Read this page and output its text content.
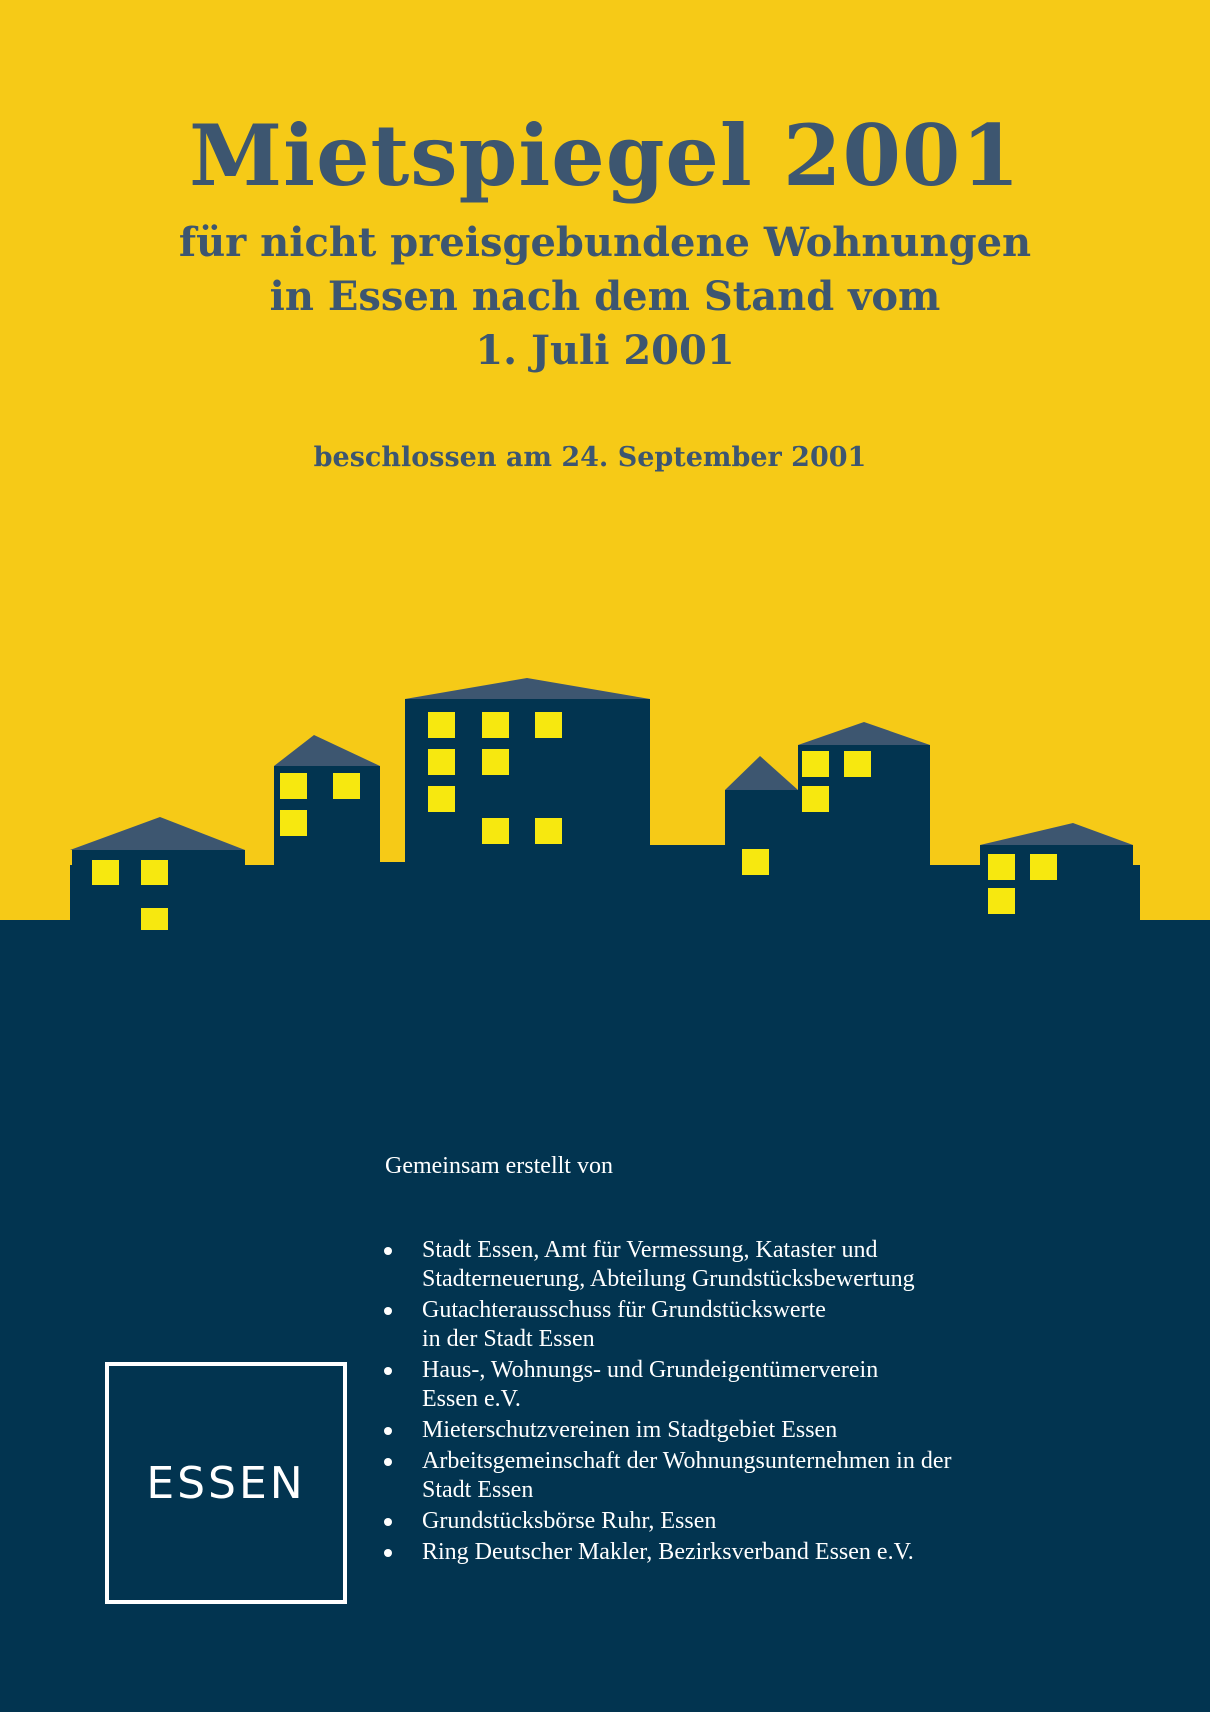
Mietspiegel 2001
für nicht preisgebundene Wohnungen
in Essen nach dem Stand vom
1. Juli 2001
beschlossen am 24. September 2001
Gemeinsam erstellt von
Stadt Essen, Amt für Vermessung, Kataster und
Stadterneuerung, Abteilung Grundstücksbewertung
Gutachterausschuss für Grundstückswerte
in der Stadt Essen
Haus-, Wohnungs- und Grundeigentümerverein
Essen e.V.
Mieterschutzvereinen im Stadtgebiet Essen
Arbeitsgemeinschaft der Wohnungsunternehmen in der
Stadt Essen
Grundstücksbörse Ruhr, Essen
Ring Deutscher Makler, Bezirksverband Essen e.V.
ESSEN
